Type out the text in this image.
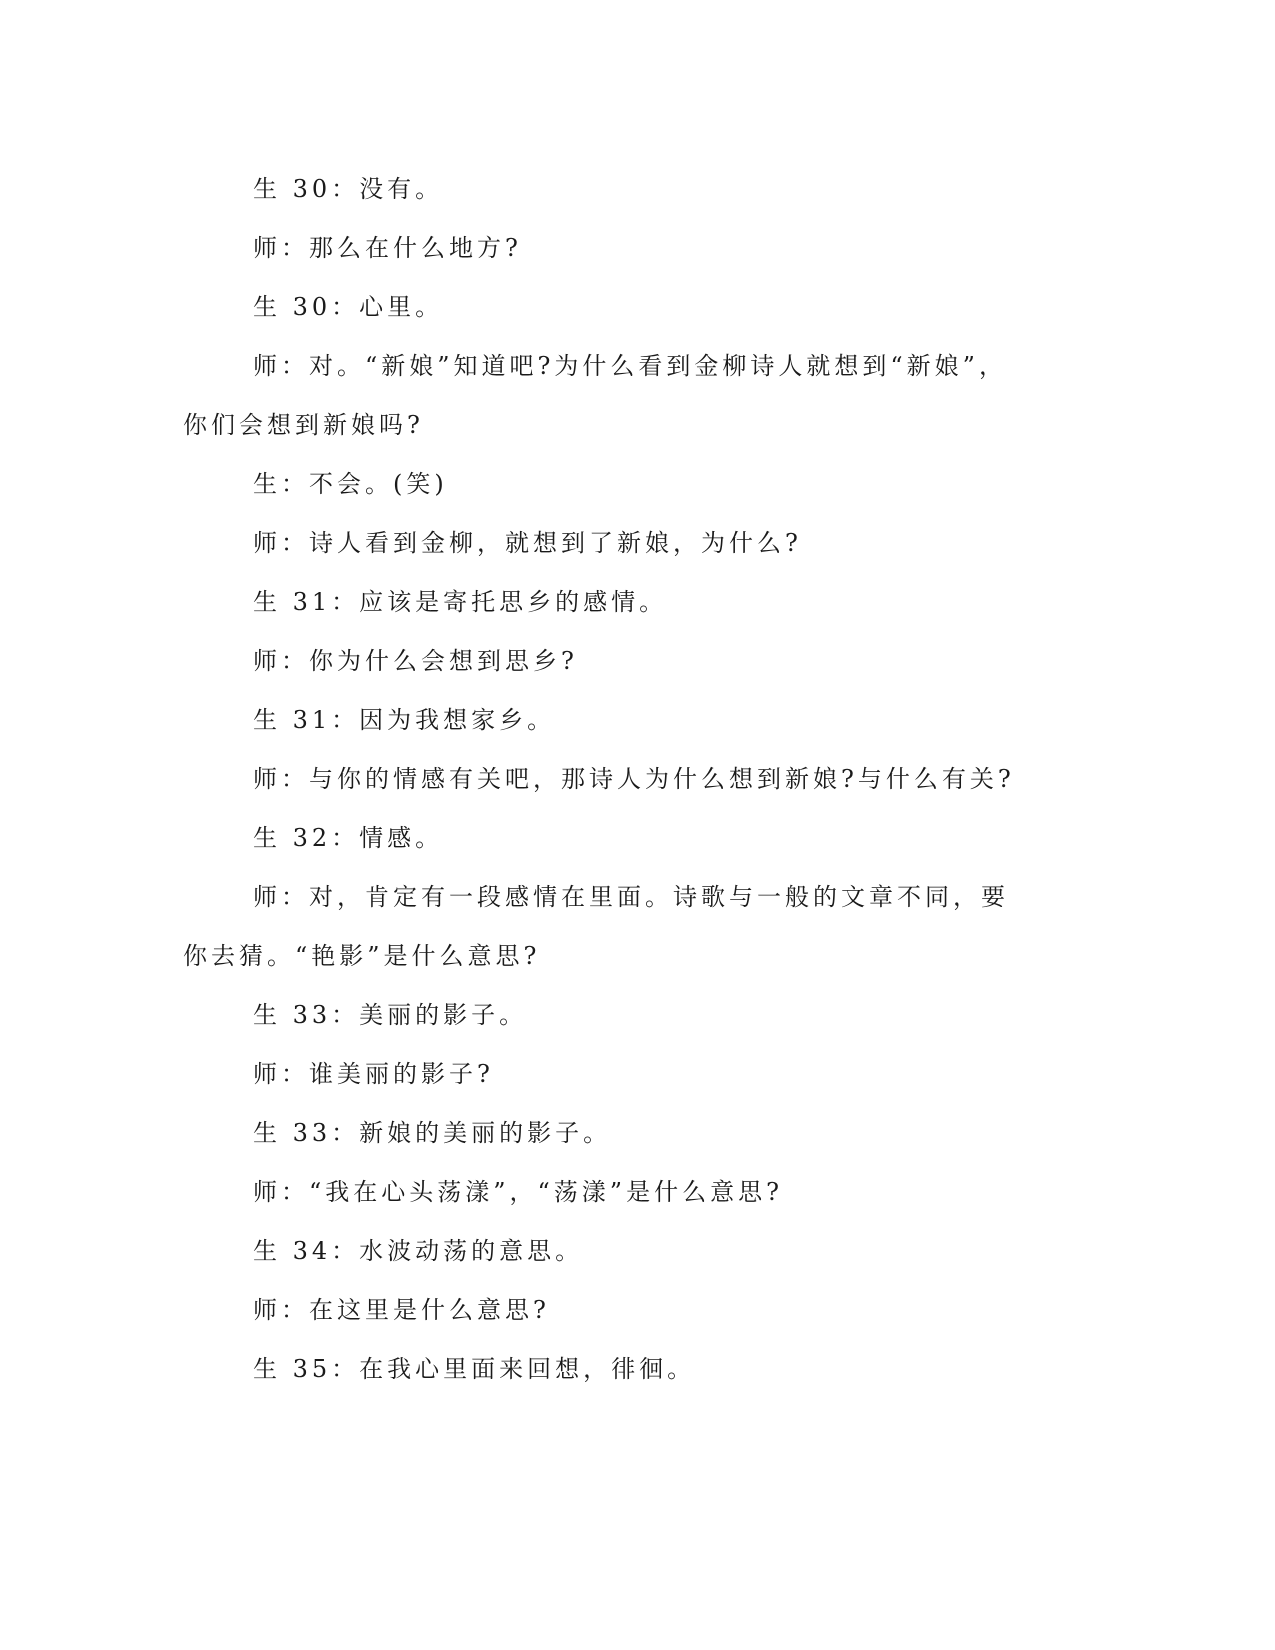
生 30：没有。

师：那么在什么地方?

生 30：心里。

师：对。“新娘”知道吧?为什么看到金柳诗人就想到“新娘”，你们会想到新娘吗?

生：不会。(笑)

师：诗人看到金柳，就想到了新娘，为什么?

生 31：应该是寄托思乡的感情。

师：你为什么会想到思乡?

生 31：因为我想家乡。

师：与你的情感有关吧，那诗人为什么想到新娘?与什么有关?

生 32：情感。

师：对，肯定有一段感情在里面。诗歌与一般的文章不同，要你去猜。“艳影”是什么意思?

生 33：美丽的影子。

师：谁美丽的影子?

生 33：新娘的美丽的影子。

师：“我在心头荡漾”，“荡漾”是什么意思?

生 34：水波动荡的意思。

师：在这里是什么意思?

生 35：在我心里面来回想，徘徊。
